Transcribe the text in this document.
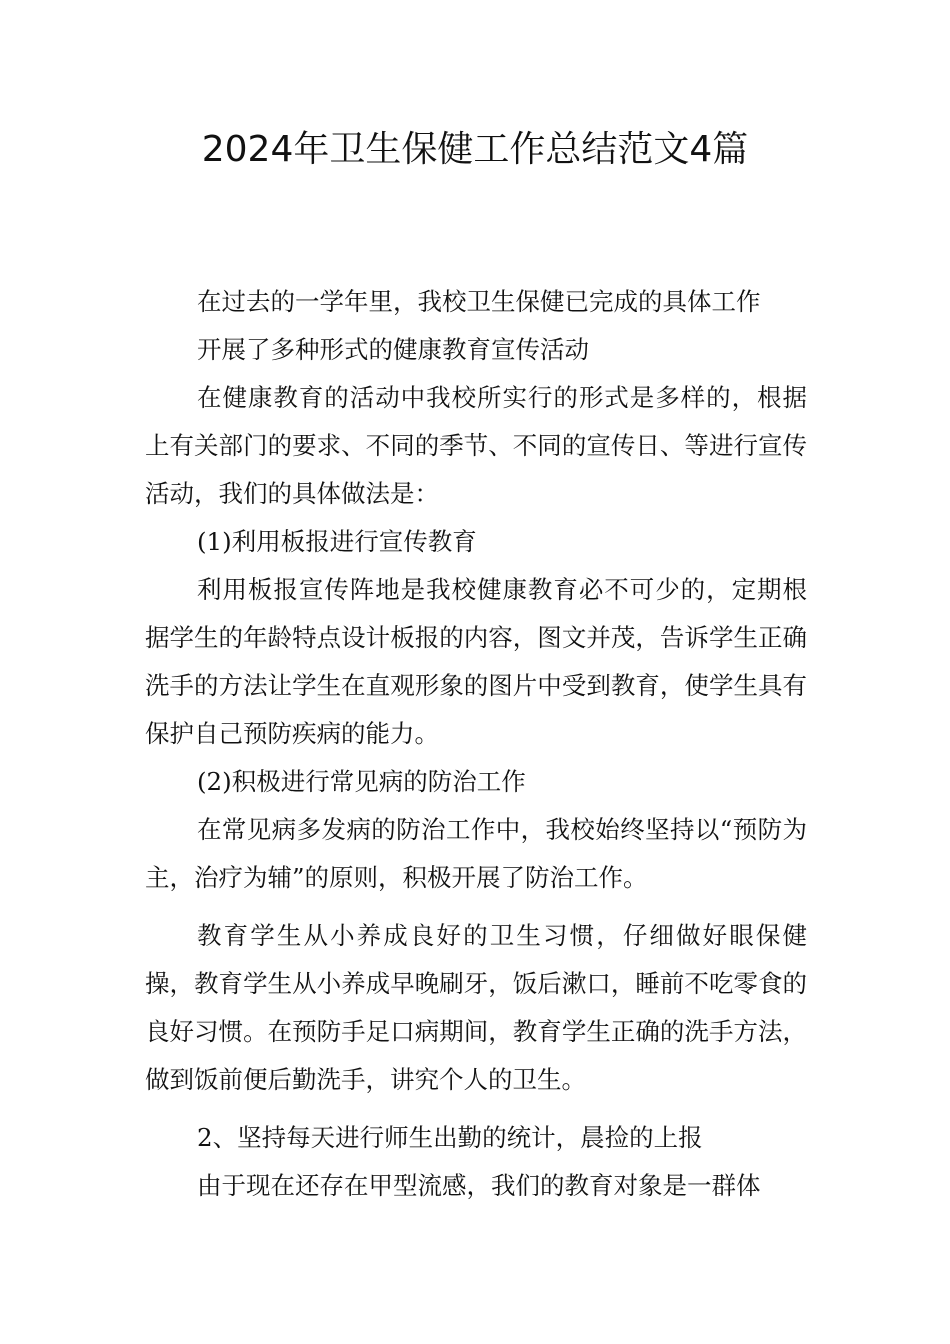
2024年卫生保健工作总结范文4篇

在过去的一学年里，我校卫生保健已完成的具体工作

开展了多种形式的健康教育宣传活动

在健康教育的活动中我校所实行的形式是多样的，根据上有关部门的要求、不同的季节、不同的宣传日、等进行宣传活动，我们的具体做法是：

(1)利用板报进行宣传教育

利用板报宣传阵地是我校健康教育必不可少的，定期根据学生的年龄特点设计板报的内容，图文并茂，告诉学生正确洗手的方法让学生在直观形象的图片中受到教育，使学生具有保护自己预防疾病的能力。

(2)积极进行常见病的防治工作

在常见病多发病的防治工作中，我校始终坚持以“预防为主，治疗为辅”的原则，积极开展了防治工作。

教育学生从小养成良好的卫生习惯，仔细做好眼保健操，教育学生从小养成早晚刷牙，饭后漱口，睡前不吃零食的良好习惯。在预防手足口病期间，教育学生正确的洗手方法，做到饭前便后勤洗手，讲究个人的卫生。

2、坚持每天进行师生出勤的统计，晨捡的上报

由于现在还存在甲型流感，我们的教育对象是一群体
